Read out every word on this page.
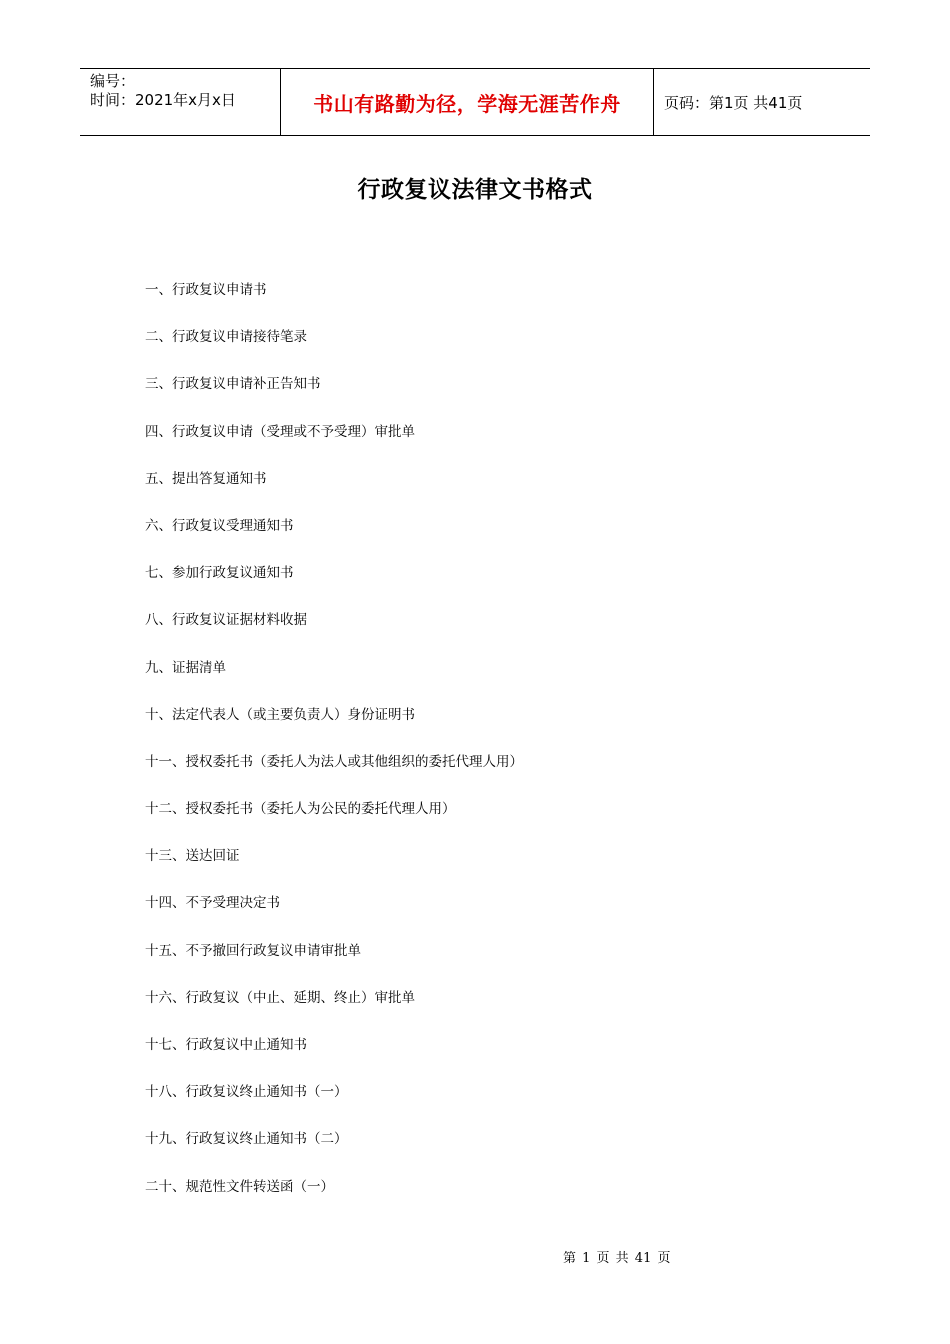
编号：
时间：2021年x月x日	书山有路勤为径，学海无涯苦作舟	页码：第1页 共41页
行政复议法律文书格式
一、行政复议申请书
二、行政复议申请接待笔录
三、行政复议申请补正告知书
四、行政复议申请（受理或不予受理）审批单
五、提出答复通知书
六、行政复议受理通知书
七、参加行政复议通知书
八、行政复议证据材料收据
九、证据清单
十、法定代表人（或主要负责人）身份证明书
十一、授权委托书（委托人为法人或其他组织的委托代理人用）
十二、授权委托书（委托人为公民的委托代理人用）
十三、送达回证
十四、不予受理决定书
十五、不予撤回行政复议申请审批单
十六、行政复议（中止、延期、终止）审批单
十七、行政复议中止通知书
十八、行政复议终止通知书（一）
十九、行政复议终止通知书（二）
二十、规范性文件转送函（一）
第 1 页 共 41 页
